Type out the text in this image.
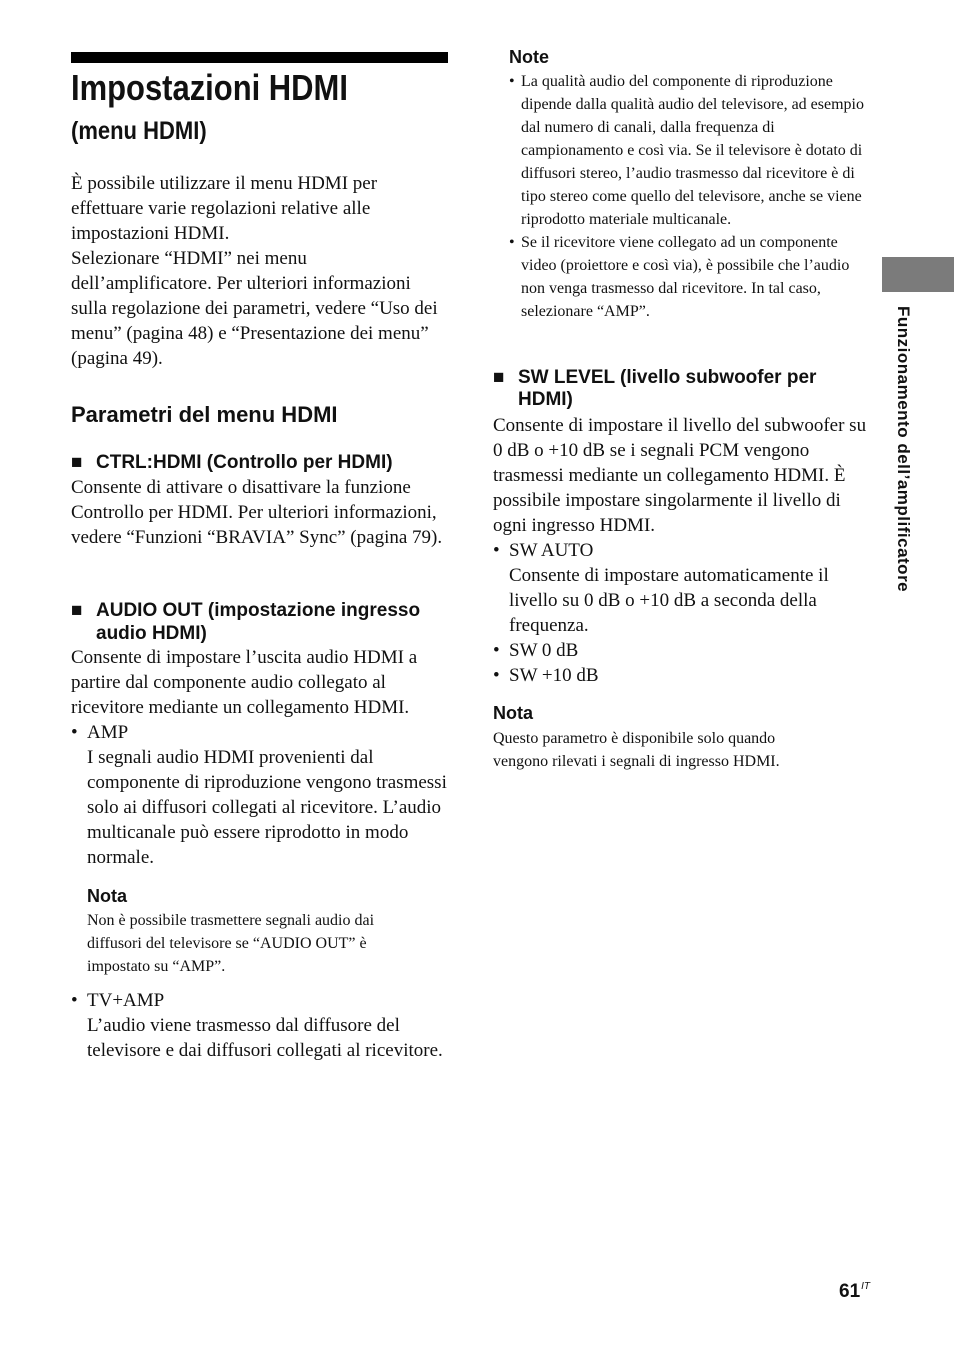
Impostazioni HDMI
(menu HDMI)

È possibile utilizzare il menu HDMI per effettuare varie regolazioni relative alle impostazioni HDMI.

Selezionare “HDMI” nei menu dell’amplificatore. Per ulteriori informazioni sulla regolazione dei parametri, vedere “Uso dei menu” (pagina 48) e “Presentazione dei menu” (pagina 49).

Parametri del menu HDMI
■ CTRL:HDMI (Controllo per HDMI)

Consente di attivare o disattivare la funzione Controllo per HDMI. Per ulteriori informazioni, vedere “Funzioni “BRAVIA” Sync” (pagina 79).

■ AUDIO OUT (impostazione ingresso audio HDMI)

Consente di impostare l’uscita audio HDMI a partire dal componente audio collegato al ricevitore mediante un collegamento HDMI.

• AMP
I segnali audio HDMI provenienti dal componente di riproduzione vengono trasmessi solo ai diffusori collegati al ricevitore. L’audio multicanale può essere riprodotto in modo normale.
Nota

Non è possibile trasmettere segnali audio dai diffusori del televisore se “AUDIO OUT” è impostato su “AMP”.

• TV+AMP
L’audio viene trasmesso dal diffusore del televisore e dai diffusori collegati al ricevitore.
Note
• La qualità audio del componente di riproduzione dipende dalla qualità audio del televisore, ad esempio dal numero di canali, dalla frequenza di campionamento e così via. Se il televisore è dotato di diffusori stereo, l’audio trasmesso dal ricevitore è di tipo stereo come quello del televisore, anche se viene riprodotto materiale multicanale.
• Se il ricevitore viene collegato ad un componente video (proiettore e così via), è possibile che l’audio non venga trasmesso dal ricevitore. In tal caso, selezionare “AMP”.
■ SW LEVEL (livello subwoofer per HDMI)

Consente di impostare il livello del subwoofer su 0 dB o +10 dB se i segnali PCM vengono trasmessi mediante un collegamento HDMI. È possibile impostare singolarmente il livello di ogni ingresso HDMI.

• SW AUTO
Consente di impostare automaticamente il livello su 0 dB o +10 dB a seconda della frequenza.
• SW 0 dB
• SW +10 dB
Nota

Questo parametro è disponibile solo quando vengono rilevati i segnali di ingresso HDMI.

Funzionamento dell’amplificatore
$61^{IT}$
